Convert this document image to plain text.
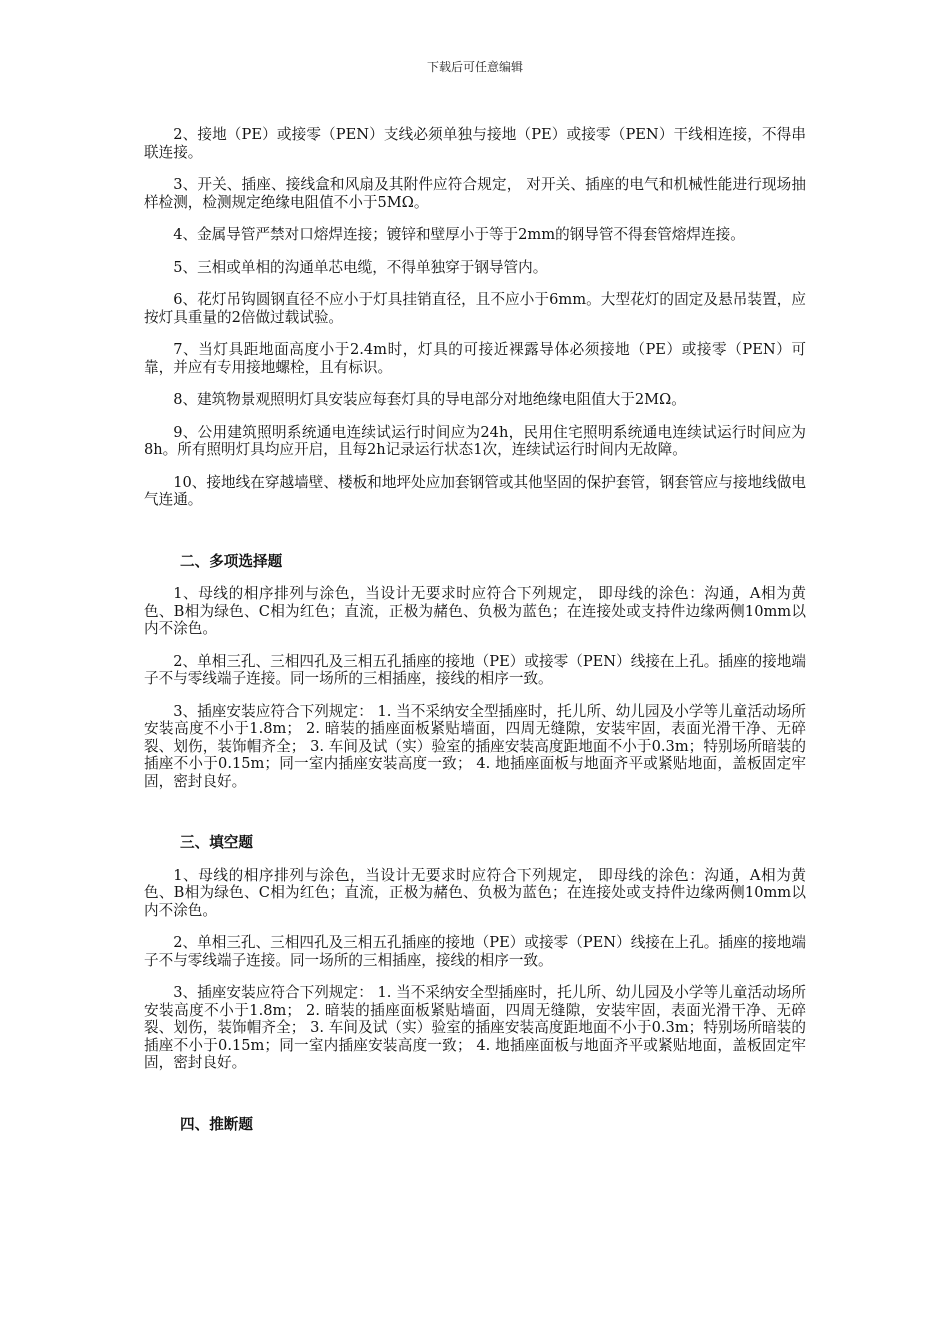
下载后可任意编辑

2、接地（PE）或接零（PEN）支线必须单独与接地（PE）或接零（PEN）干线相连接，不得串联连接。

3、开关、插座、接线盒和风扇及其附件应符合规定， 对开关、插座的电气和机械性能进行现场抽样检测，检测规定绝缘电阻值不小于5MΩ。

4、金属导管严禁对口熔焊连接；镀锌和壁厚小于等于2mm的钢导管不得套管熔焊连接。

5、三相或单相的沟通单芯电缆，不得单独穿于钢导管内。

6、花灯吊钩圆钢直径不应小于灯具挂销直径，且不应小于6mm。大型花灯的固定及悬吊装置，应按灯具重量的2倍做过载试验。

7、当灯具距地面高度小于2.4m时，灯具的可接近裸露导体必须接地（PE）或接零（PEN）可靠，并应有专用接地螺栓，且有标识。

8、建筑物景观照明灯具安装应每套灯具的导电部分对地绝缘电阻值大于2MΩ。

9、公用建筑照明系统通电连续试运行时间应为24h，民用住宅照明系统通电连续试运行时间应为8h。所有照明灯具均应开启，且每2h记录运行状态1次，连续试运行时间内无故障。

10、接地线在穿越墙壁、楼板和地坪处应加套钢管或其他坚固的保护套管，钢套管应与接地线做电气连通。

二、多项选择题

1、母线的相序排列与涂色，当设计无要求时应符合下列规定， 即母线的涂色：沟通，A相为黄色、B相为绿色、C相为红色；直流，正极为赭色、负极为蓝色；在连接处或支持件边缘两侧10mm以内不涂色。

2、单相三孔、三相四孔及三相五孔插座的接地（PE）或接零（PEN）线接在上孔。插座的接地端子不与零线端子连接。同一场所的三相插座，接线的相序一致。

3、插座安装应符合下列规定： 1. 当不采纳安全型插座时，托儿所、幼儿园及小学等儿童活动场所安装高度不小于1.8m； 2. 暗装的插座面板紧贴墙面，四周无缝隙，安装牢固，表面光滑干净、无碎裂、划伤，装饰帽齐全； 3. 车间及试（实）验室的插座安装高度距地面不小于0.3m；特别场所暗装的插座不小于0.15m；同一室内插座安装高度一致； 4. 地插座面板与地面齐平或紧贴地面，盖板固定牢固，密封良好。

三、填空题

1、母线的相序排列与涂色，当设计无要求时应符合下列规定， 即母线的涂色：沟通，A相为黄色、B相为绿色、C相为红色；直流，正极为赭色、负极为蓝色；在连接处或支持件边缘两侧10mm以内不涂色。

2、单相三孔、三相四孔及三相五孔插座的接地（PE）或接零（PEN）线接在上孔。插座的接地端子不与零线端子连接。同一场所的三相插座，接线的相序一致。

3、插座安装应符合下列规定： 1. 当不采纳安全型插座时，托儿所、幼儿园及小学等儿童活动场所安装高度不小于1.8m； 2. 暗装的插座面板紧贴墙面，四周无缝隙，安装牢固，表面光滑干净、无碎裂、划伤，装饰帽齐全； 3. 车间及试（实）验室的插座安装高度距地面不小于0.3m；特别场所暗装的插座不小于0.15m；同一室内插座安装高度一致； 4. 地插座面板与地面齐平或紧贴地面，盖板固定牢固，密封良好。

四、推断题
